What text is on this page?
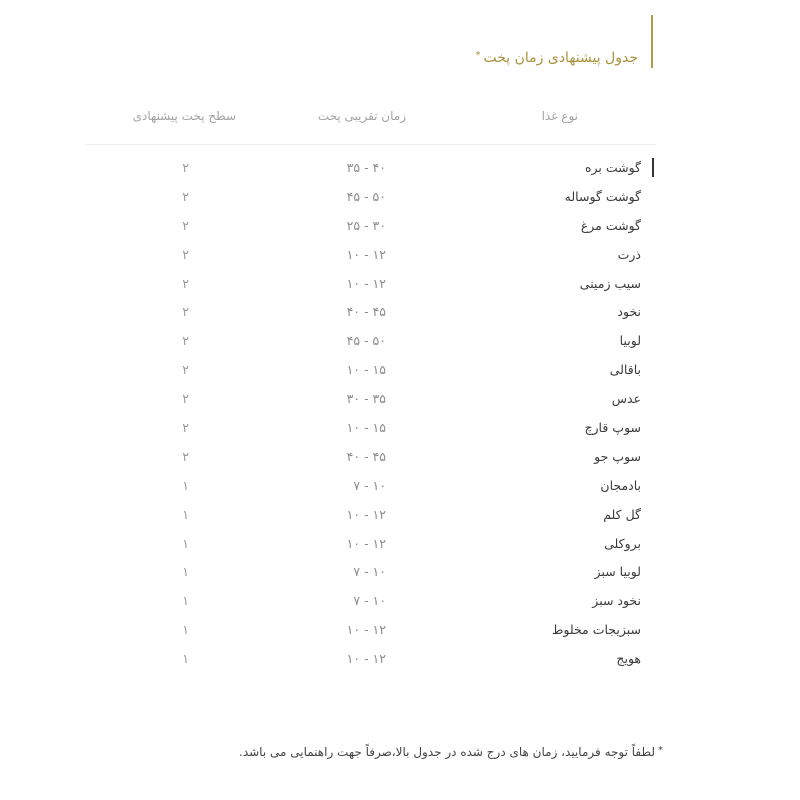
جدول پیشنهادی زمان پخت*
نوع غذا
زمان تقریبی پخت
سطح پخت پیشنهادی
گوشت بره
۳۵ - ۴۰
۲
گوشت گوساله
۴۵ - ۵۰
۲
گوشت مرغ
۲۵ - ۳۰
۲
ذرت
۱۰ - ۱۲
۲
سیب زمینی
۱۰ - ۱۲
۲
نخود
۴۰ - ۴۵
۲
لوبیا
۴۵ - ۵۰
۲
باقالی
۱۰ - ۱۵
۲
عدس
۳۰ - ۳۵
۲
سوپ قارچ
۱۰ - ۱۵
۲
سوپ جو
۴۰ - ۴۵
۲
بادمجان
۷ - ۱۰
۱
گل کلم
۱۰ - ۱۲
۱
بروکلی
۱۰ - ۱۲
۱
لوبیا سبز
۷ - ۱۰
۱
نخود سبز
۷ - ۱۰
۱
سبزیجات مخلوط
۱۰ - ۱۲
۱
هویج
۱۰ - ۱۲
۱
*لطفاً توجه فرمایید، زمان های درج شده در جدول بالا،صرفاً جهت راهنمایی می باشد.
